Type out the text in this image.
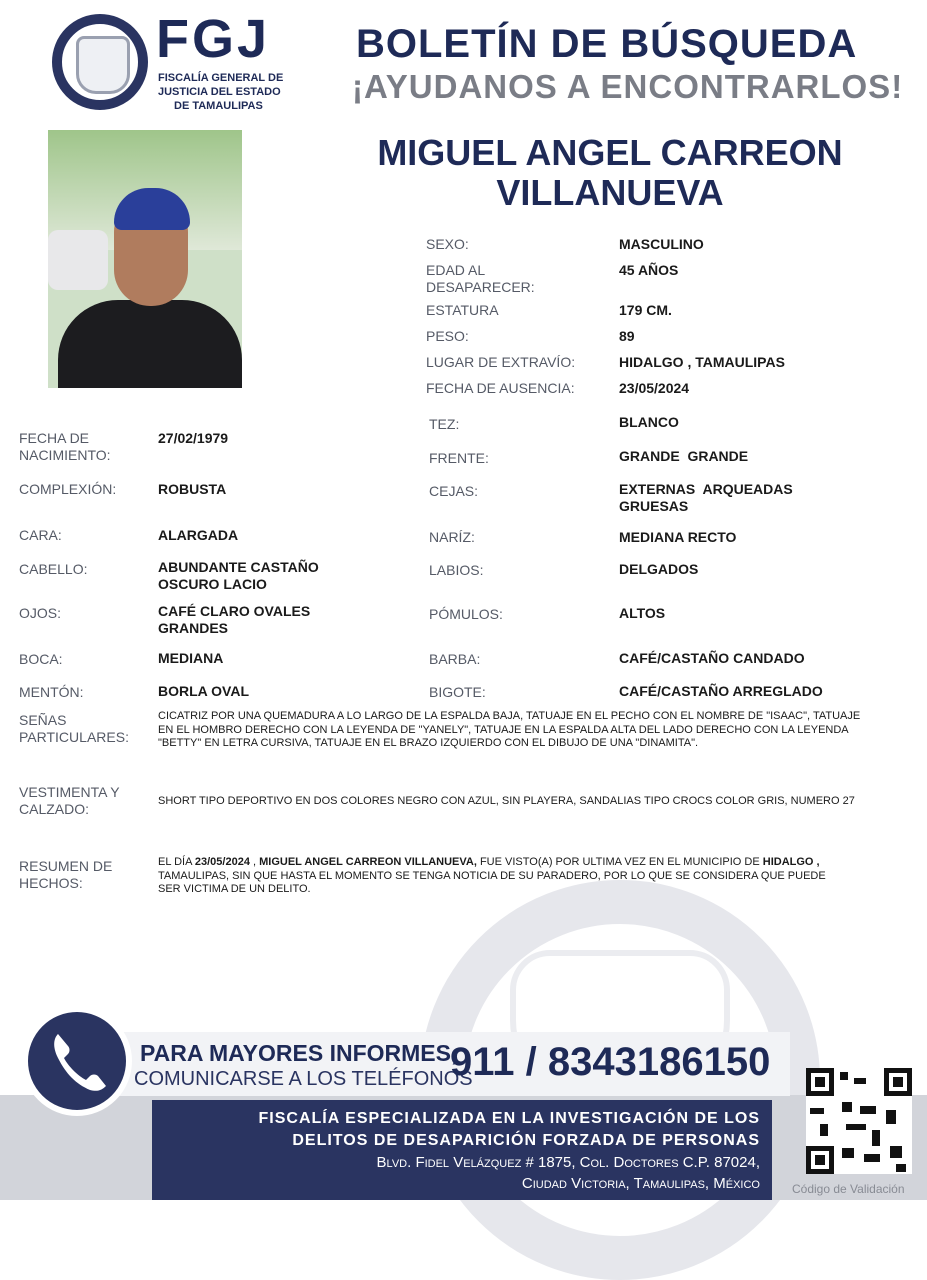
FGJ
FISCALÍA GENERAL DE
JUSTICIA DEL ESTADO
DE TAMAULIPAS
BOLETÍN DE BÚSQUEDA
¡AYUDANOS A ENCONTRARLOS!
MIGUEL ANGEL CARREON
VILLANUEVA
SEXO:	MASCULINO
EDAD AL DESAPARECER:
45 AÑOS
ESTATURA	179 CM.
PESO:	89
LUGAR DE EXTRAVÍO:	HIDALGO , TAMAULIPAS
FECHA DE AUSENCIA:	23/05/2024
FECHA DE NACIMIENTO:
27/02/1979
COMPLEXIÓN:	ROBUSTA
CARA:	ALARGADA
CABELLO:	ABUNDANTE CASTAÑO OSCURO LACIO
OJOS:	CAFÉ CLARO OVALES GRANDES
BOCA:	MEDIANA
MENTÓN:	BORLA OVAL
TEZ:	BLANCO
FRENTE:	GRANDE  GRANDE
CEJAS:	EXTERNAS  ARQUEADAS GRUESAS
NARÍZ:	MEDIANA RECTO
LABIOS:	DELGADOS
PÓMULOS:	ALTOS
BARBA:	CAFÉ/CASTAÑO CANDADO
BIGOTE:	CAFÉ/CASTAÑO ARREGLADO
SEÑAS PARTICULARES:
CICATRIZ POR UNA QUEMADURA A LO LARGO DE LA ESPALDA BAJA, TATUAJE EN EL PECHO CON EL NOMBRE DE "ISAAC", TATUAJE EN EL HOMBRO DERECHO CON LA LEYENDA DE "YANELY", TATUAJE EN LA ESPALDA ALTA DEL LADO DERECHO CON LA LEYENDA "BETTY" EN LETRA CURSIVA, TATUAJE EN EL BRAZO IZQUIERDO CON EL DIBUJO DE UNA "DINAMITA".
VESTIMENTA Y CALZADO:	SHORT TIPO DEPORTIVO EN DOS COLORES NEGRO CON AZUL, SIN PLAYERA, SANDALIAS TIPO CROCS COLOR GRIS, NUMERO 27
RESUMEN DE HECHOS:
EL DÍA 23/05/2024 , MIGUEL ANGEL CARREON VILLANUEVA, FUE VISTO(A) POR ULTIMA VEZ EN EL MUNICIPIO DE HIDALGO , TAMAULIPAS, SIN QUE HASTA EL MOMENTO SE TENGA NOTICIA DE SU PARADERO, POR LO QUE SE CONSIDERA QUE PUEDE SER VICTIMA DE UN DELITO.
PARA MAYORES INFORMES,
COMUNICARSE A LOS TELÉFONOS
911 / 8343186150
FISCALÍA ESPECIALIZADA EN LA INVESTIGACIÓN DE LOS
DELITOS DE DESAPARICIÓN FORZADA DE PERSONAS
Blvd. Fidel Velázquez # 1875, Col. Doctores C.P. 87024,
Ciudad Victoria, Tamaulipas, México	Código de Validación
